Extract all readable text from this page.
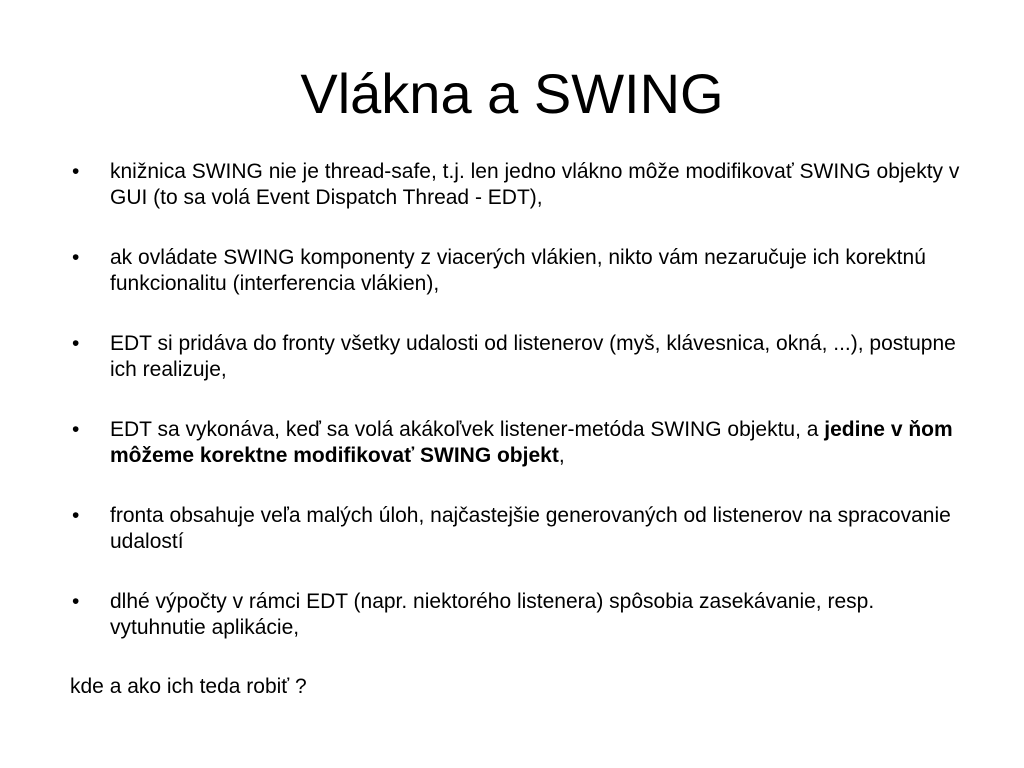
Vlákna a SWING
• knižnica SWING nie je thread-safe, t.j. len jedno vlákno môže modifikovať SWING objekty v GUI (to sa volá Event Dispatch Thread - EDT),
• ak ovládate SWING komponenty z viacerých vlákien, nikto vám nezaručuje ich korektnú funkcionalitu (interferencia vlákien),
• EDT si pridáva do fronty všetky udalosti od listenerov (myš, klávesnica, okná, ...), postupne ich realizuje,
• EDT sa vykonáva, keď sa volá akákoľvek listener-metóda SWING objektu, a jedine v ňom môžeme korektne modifikovať SWING objekt,
• fronta obsahuje veľa malých úloh, najčastejšie generovaných od listenerov na spracovanie udalostí
• dlhé výpočty v rámci EDT (napr. niektorého listenera) spôsobia zasekávanie, resp. vytuhnutie aplikácie,

kde a ako ich teda robiť ?
